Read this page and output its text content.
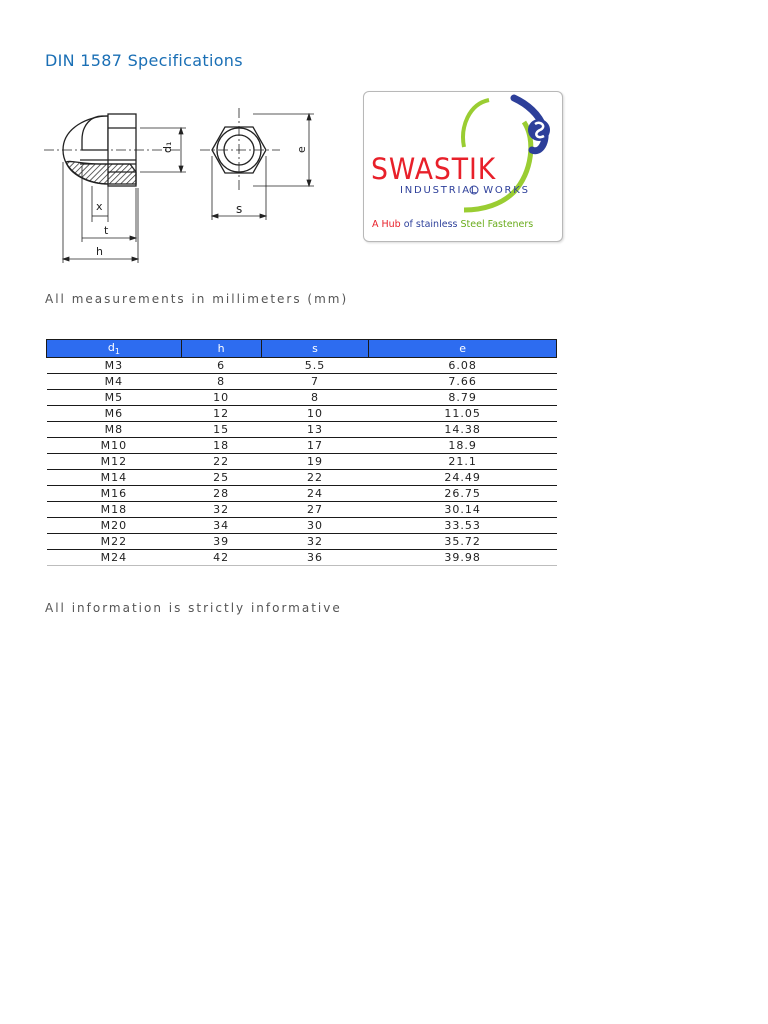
DIN 1587 Specifications
d₁
x
t
h
e
s
SWASTIK
INDUSTRIAL WORKS
A Hub of stainless Steel Fasteners
All measurements in millimeters (mm)
$d_1$	h	s	e
M3	6	5.5	6.08
M4	8	7	7.66
M5	10	8	8.79
M6	12	10	11.05
M8	15	13	14.38
M10	18	17	18.9
M12	22	19	21.1
M14	25	22	24.49
M16	28	24	26.75
M18	32	27	30.14
M20	34	30	33.53
M22	39	32	35.72
M24	42	36	39.98
All information is strictly informative
